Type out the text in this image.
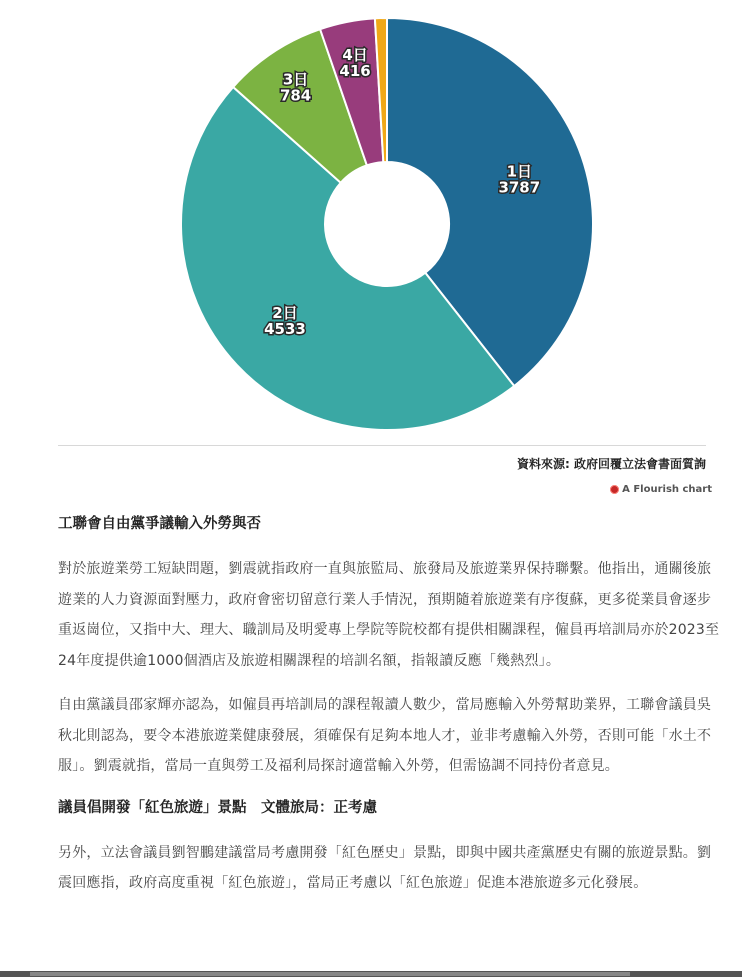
1日
3787
2日
4533
3日
784
4日
416
資料來源: 政府回覆立法會書面質詢
A Flourish chart
工聯會自由黨爭議輸入外勞與否

對於旅遊業勞工短缺問題，劉震就指政府一直與旅監局、旅發局及旅遊業界保持聯繫。他指出，通關後旅遊業的人力資源面對壓力，政府會密切留意行業人手情況，預期隨着旅遊業有序復蘇，更多從業員會逐步重返崗位，又指中大、理大、職訓局及明愛專上學院等院校都有提供相關課程，僱員再培訓局亦於2023至24年度提供逾1000個酒店及旅遊相關課程的培訓名額，指報讀反應「幾熱烈」。

自由黨議員邵家輝亦認為，如僱員再培訓局的課程報讀人數少，當局應輸入外勞幫助業界，工聯會議員吳秋北則認為，要令本港旅遊業健康發展，須確保有足夠本地人才，並非考慮輸入外勞，否則可能「水土不服」。劉震就指，當局一直與勞工及福利局探討適當輸入外勞，但需協調不同持份者意見。

議員倡開發「紅色旅遊」景點　文體旅局：正考慮

另外，立法會議員劉智鵬建議當局考慮開發「紅色歷史」景點，即與中國共產黨歷史有關的旅遊景點。劉震回應指，政府高度重視「紅色旅遊」，當局正考慮以「紅色旅遊」促進本港旅遊多元化發展。
